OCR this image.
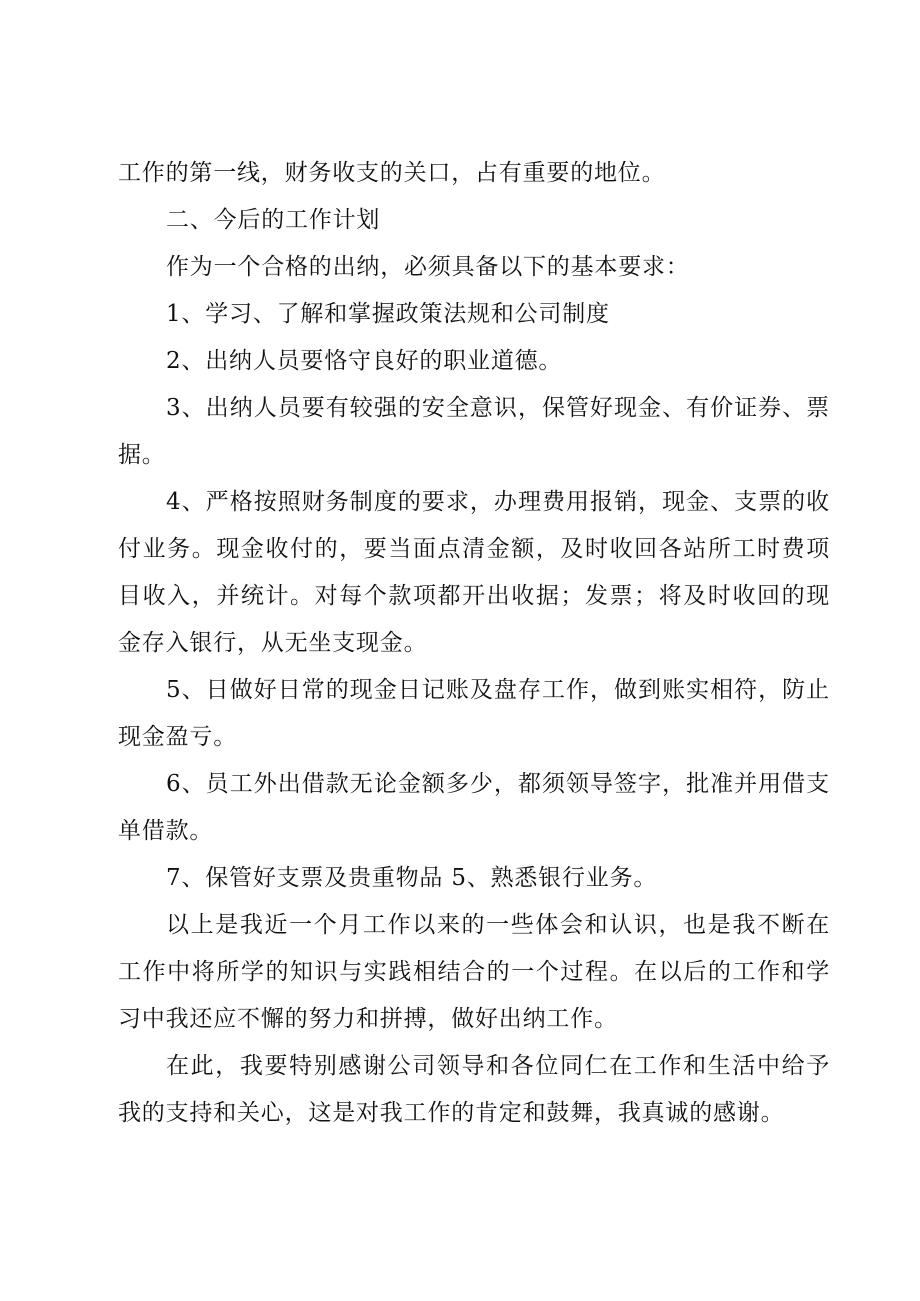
工作的第一线，财务收支的关口，占有重要的地位。

二、今后的工作计划

作为一个合格的出纳，必须具备以下的基本要求：

1、学习、了解和掌握政策法规和公司制度

2、出纳人员要恪守良好的职业道德。

3、出纳人员要有较强的安全意识，保管好现金、有价证券、票据。

4、严格按照财务制度的要求，办理费用报销，现金、支票的收付业务。现金收付的，要当面点清金额，及时收回各站所工时费项目收入，并统计。对每个款项都开出收据；发票；将及时收回的现金存入银行，从无坐支现金。

5、日做好日常的现金日记账及盘存工作，做到账实相符，防止现金盈亏。

6、员工外出借款无论金额多少，都须领导签字，批准并用借支单借款。

7、保管好支票及贵重物品 5、熟悉银行业务。

以上是我近一个月工作以来的一些体会和认识，也是我不断在工作中将所学的知识与实践相结合的一个过程。在以后的工作和学习中我还应不懈的努力和拼搏，做好出纳工作。

在此，我要特别感谢公司领导和各位同仁在工作和生活中给予我的支持和关心，这是对我工作的肯定和鼓舞，我真诚的感谢。
